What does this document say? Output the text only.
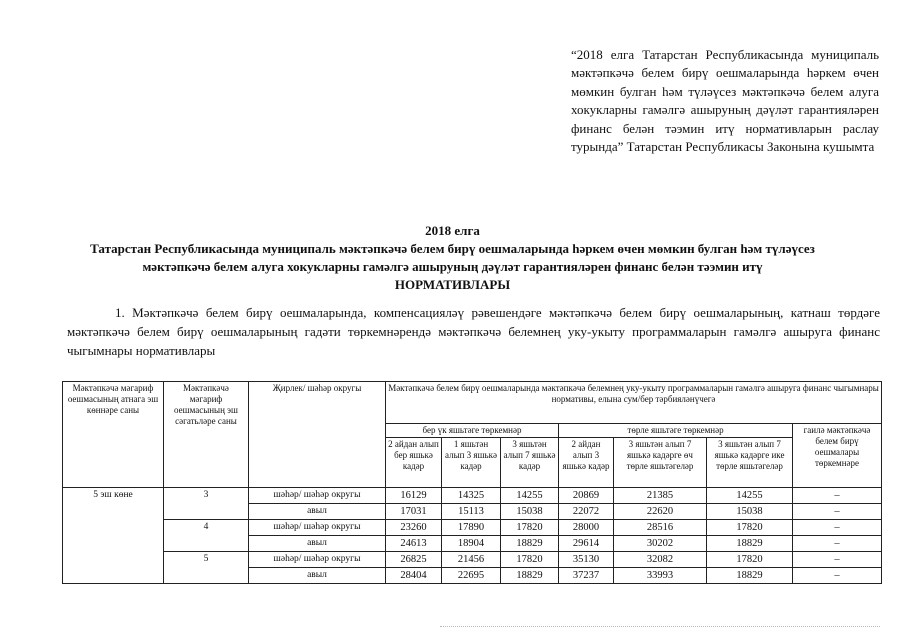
“2018 елга Татарстан Республикасында муниципаль мәктәпкәчә белем бирү оешмаларында һәркем өчен мөмкин булган һәм түләүсез мәктәпкәчә белем алуга хокукларны гамәлгә ашыруның дәүләт гарантияләрен финанс белән тәэмин итү нормативларын раслау турында” Татарстан Республикасы Законына кушымта
2018 елга
Татарстан Республикасында муниципаль мәктәпкәчә белем бирү оешмаларында һәркем өчен мөмкин булган һәм түләүсез
мәктәпкәчә белем алуга хокукларны гамәлгә ашыруның дәүләт гарантияләрен финанс белән тәэмин итү
НОРМАТИВЛАРЫ
1. Мәктәпкәчә белем бирү оешмаларында, компенсацияләү рәвешендәге мәктәпкәчә белем бирү оешмаларының, катнаш төрдәге мәктәпкәчә белем бирү оешмаларының гадәти төркемнәрендә мәктәпкәчә белемнең уку-укыту программаларын гамәлгә ашыруга финанс чыгымнары нормативлары
Мәктәпкәчә мәгариф оешмасының атнага эш көннәре саны	Мәктәпкәчә мәгариф оешмасының эш сәгатьләре саны	Җирлек/ шәһәр округы	Мәктәпкәчә белем бирү оешмаларында мәктәпкәчә белемнең уку-укыту программаларын гамәлгә ашыруга финанс чыгымнары нормативы, елына сум/бер тәрбияләнүчегә						
			бер үк яшьтәге төркемнәр			төрле яшьтәге төркемнәр			гаилә мәктәпкәчә белем бирү оешмалары төркемнәре
			2 айдан алып бер яшькә кадәр	1 яшьтән алып 3 яшькә кадәр	3 яшьтән алып 7 яшькә кадәр	2 айдан алып 3 яшькә кадәр	3 яшьтән алып 7 яшькә кадәрге өч төрле яшьтәгеләр	3 яшьтән алып 7 яшькә кадәрге ике төрле яшьтәгеләр	
5 эш көне	3	шәһәр/ шәһәр округы	16129	14325	14255	20869	21385	14255	–
		авыл	17031	15113	15038	22072	22620	15038	–
	4	шәһәр/ шәһәр округы	23260	17890	17820	28000	28516	17820	–
		авыл	24613	18904	18829	29614	30202	18829	–
	5	шәһәр/ шәһәр округы	26825	21456	17820	35130	32082	17820	–
		авыл	28404	22695	18829	37237	33993	18829	–
